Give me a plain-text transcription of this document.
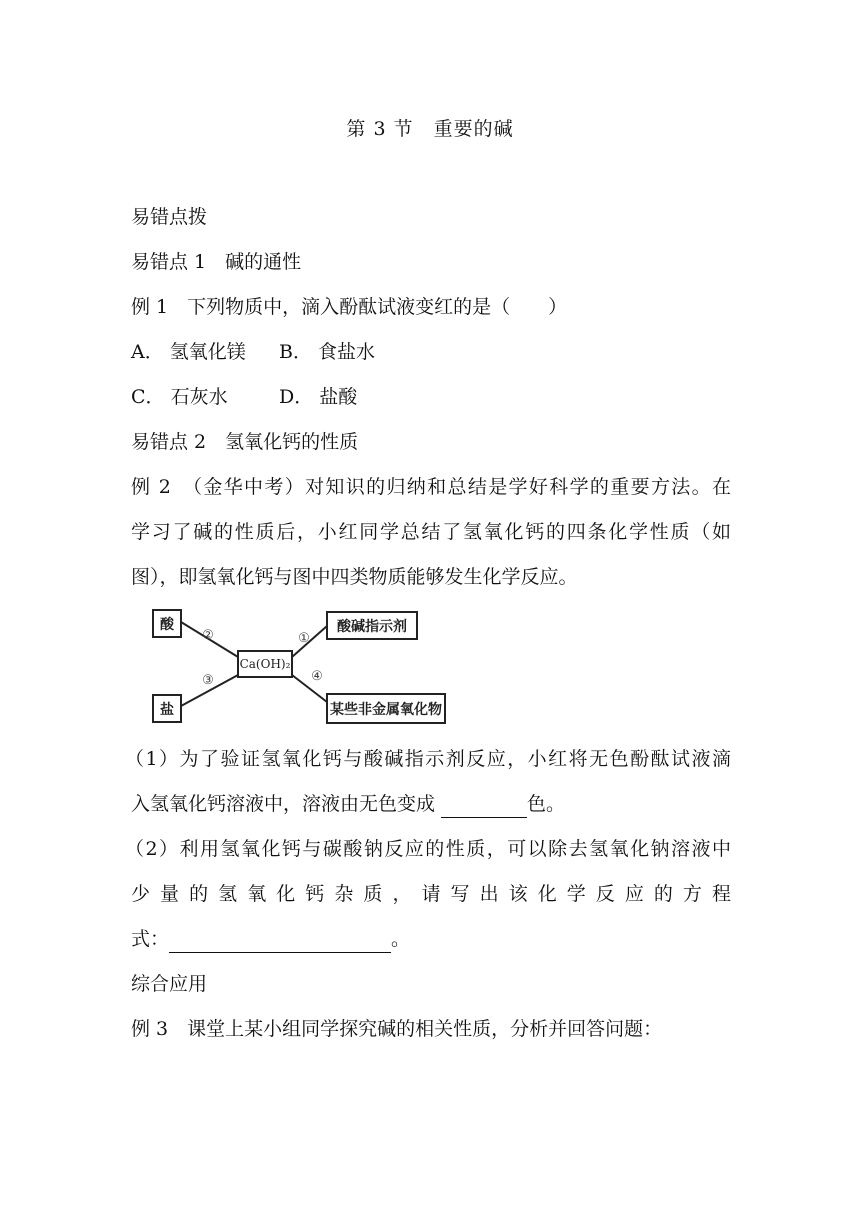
第 3 节　重要的碱
易错点拨
易错点 1　碱的通性
例 1　下列物质中，滴入酚酞试液变红的是（　　）
A． 氢氧化镁 B． 食盐水
C． 石灰水	D． 盐酸
易错点 2　氢氧化钙的性质
例 2　（金华中考）对知识的归纳和总结是学好科学的重要方法。在
学习了碱的性质后，小红同学总结了氢氧化钙的四条化学性质（如
图），即氢氧化钙与图中四类物质能够发生化学反应。
酸
盐
Ca(OH)₂
酸碱指示剂
某些非金属氧化物
②
③
①
④
（1）为了验证氢氧化钙与酸碱指示剂反应，小红将无色酚酞试液滴
入氢氧化钙溶液中，溶液由无色变成	色。
（2）利用氢氧化钙与碳酸钠反应的性质，可以除去氢氧化钠溶液中
少量的氢氧化钙杂质，请写出该化学反应的方程
式：	。
综合应用
例 3　课堂上某小组同学探究碱的相关性质，分析并回答问题：
